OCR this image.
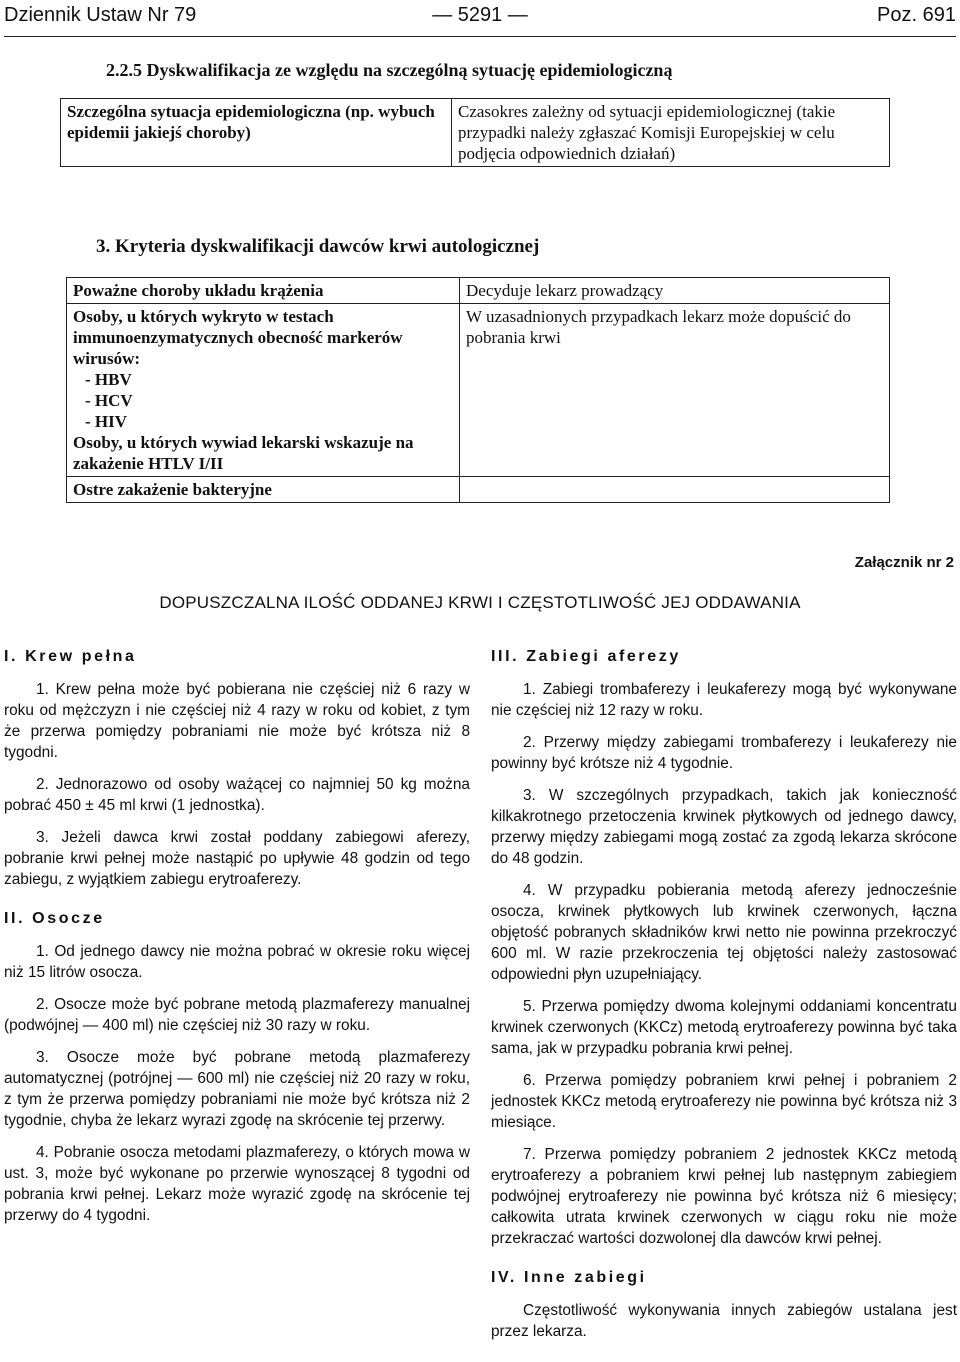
Dziennik Ustaw Nr 79	— 5291 —	Poz. 691
2.2.5 Dyskwalifikacja ze względu na szczególną sytuację epidemiologiczną
Szczególna sytuacja epidemiologiczna (np. wybuch epidemii jakiejś choroby)	Czasokres zależny od sytuacji epidemiologicznej (takie przypadki należy zgłaszać Komisji Europejskiej w celu podjęcia odpowiednich działań)
3. Kryteria dyskwalifikacji dawców krwi autologicznej
Poważne choroby układu krążenia	Decyduje lekarz prowadzący

Osoby, u których wykryto w testach immunoenzymatycznych obecność markerów wirusów:
- HBV
- HCV
- HIV
Osoby, u których wywiad lekarski wskazuje na zakażenie HTLV I/II	W uzasadnionych przypadkach lekarz może dopuścić do pobrania krwi
Ostre zakażenie bakteryjne	
Załącznik nr 2
DOPUSZCZALNA ILOŚĆ ODDANEJ KRWI I CZĘSTOTLIWOŚĆ JEJ ODDAWANIA
I. Krew pełna

1. Krew pełna może być pobierana nie częściej niż 6 razy w roku od mężczyzn i nie częściej niż 4 razy w roku od kobiet, z tym że przerwa pomiędzy pobraniami nie może być krótsza niż 8 tygodni.

2. Jednorazowo od osoby ważącej co najmniej 50 kg można pobrać 450 ± 45 ml krwi (1 jednostka).

3. Jeżeli dawca krwi został poddany zabiegowi aferezy, pobranie krwi pełnej może nastąpić po upływie 48 godzin od tego zabiegu, z wyjątkiem zabiegu erytroaferezy.

II. Osocze

1. Od jednego dawcy nie można pobrać w okresie roku więcej niż 15 litrów osocza.

2. Osocze może być pobrane metodą plazmaferezy manualnej (podwójnej — 400 ml) nie częściej niż 30 razy w roku.

3. Osocze może być pobrane metodą plazmaferezy automatycznej (potrójnej — 600 ml) nie częściej niż 20 razy w roku, z tym że przerwa pomiędzy pobraniami nie może być krótsza niż 2 tygodnie, chyba że lekarz wyrazi zgodę na skrócenie tej przerwy.

4. Pobranie osocza metodami plazmaferezy, o których mowa w ust. 3, może być wykonane po przerwie wynoszącej 8 tygodni od pobrania krwi pełnej. Lekarz może wyrazić zgodę na skrócenie tej przerwy do 4 tygodni.

III. Zabiegi aferezy

1. Zabiegi trombaferezy i leukaferezy mogą być wykonywane nie częściej niż 12 razy w roku.

2. Przerwy między zabiegami trombaferezy i leukaferezy nie powinny być krótsze niż 4 tygodnie.

3. W szczególnych przypadkach, takich jak konieczność kilkakrotnego przetoczenia krwinek płytkowych od jednego dawcy, przerwy między zabiegami mogą zostać za zgodą lekarza skrócone do 48 godzin.

4. W przypadku pobierania metodą aferezy jednocześnie osocza, krwinek płytkowych lub krwinek czerwonych, łączna objętość pobranych składników krwi netto nie powinna przekroczyć 600 ml. W razie przekroczenia tej objętości należy zastosować odpowiedni płyn uzupełniający.

5. Przerwa pomiędzy dwoma kolejnymi oddaniami koncentratu krwinek czerwonych (KKCz) metodą erytroaferezy powinna być taka sama, jak w przypadku pobrania krwi pełnej.

6. Przerwa pomiędzy pobraniem krwi pełnej i pobraniem 2 jednostek KKCz metodą erytroaferezy nie powinna być krótsza niż 3 miesiące.

7. Przerwa pomiędzy pobraniem 2 jednostek KKCz metodą erytroaferezy a pobraniem krwi pełnej lub następnym zabiegiem podwójnej erytroaferezy nie powinna być krótsza niż 6 miesięcy; całkowita utrata krwinek czerwonych w ciągu roku nie może przekraczać wartości dozwolonej dla dawców krwi pełnej.

IV. Inne zabiegi

Częstotliwość wykonywania innych zabiegów ustalana jest przez lekarza.
